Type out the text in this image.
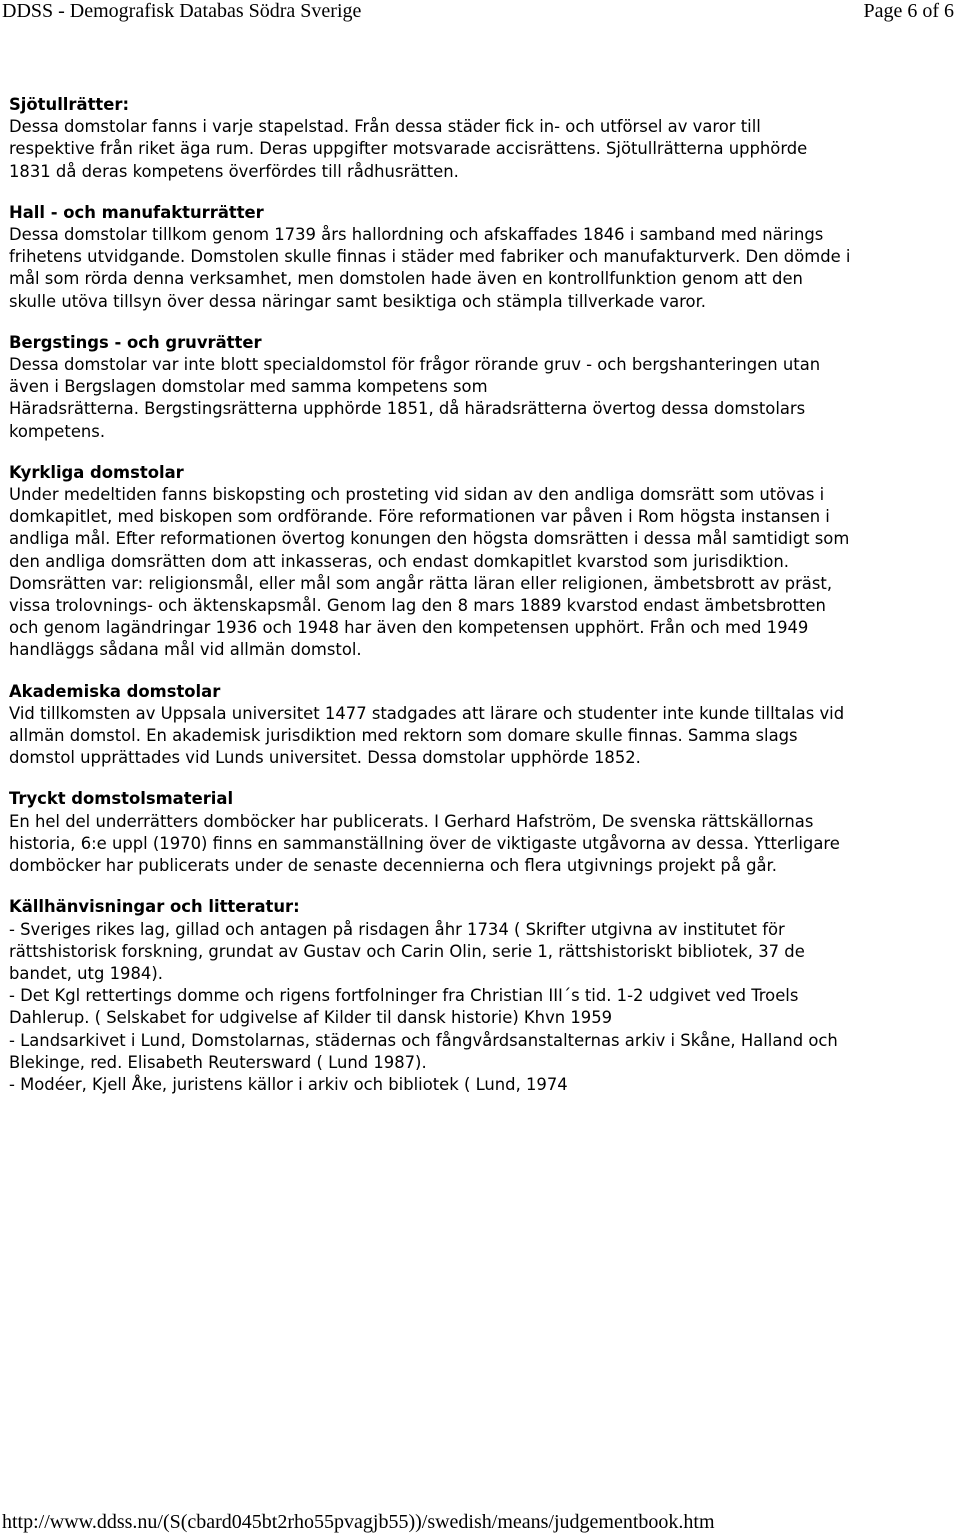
DDSS - Demografisk Databas Södra Sverige	Page 6 of 6
Sjötullrätter:
Dessa domstolar fanns i varje stapelstad. Från dessa städer fick in- och utförsel av varor till
respektive från riket äga rum. Deras uppgifter motsvarade accisrättens. Sjötullrätterna upphörde
1831 då deras kompetens överfördes till rådhusrätten.
Hall - och manufakturrätter
Dessa domstolar tillkom genom 1739 års hallordning och afskaffades 1846 i samband med närings
frihetens utvidgande. Domstolen skulle finnas i städer med fabriker och manufakturverk. Den dömde i
mål som rörda denna verksamhet, men domstolen hade även en kontrollfunktion genom att den
skulle utöva tillsyn över dessa näringar samt besiktiga och stämpla tillverkade varor.
Bergstings - och gruvrätter
Dessa domstolar var inte blott specialdomstol för frågor rörande gruv - och bergshanteringen utan
även i Bergslagen domstolar med samma kompetens som
Häradsrätterna. Bergstingsrätterna upphörde 1851, då häradsrätterna övertog dessa domstolars
kompetens.
Kyrkliga domstolar
Under medeltiden fanns biskopsting och prosteting vid sidan av den andliga domsrätt som utövas i
domkapitlet, med biskopen som ordförande. Före reformationen var påven i Rom högsta instansen i
andliga mål. Efter reformationen övertog konungen den högsta domsrätten i dessa mål samtidigt som
den andliga domsrätten dom att inkasseras, och endast domkapitlet kvarstod som jurisdiktion.
Domsrätten var: religionsmål, eller mål som angår rätta läran eller religionen, ämbetsbrott av präst,
vissa trolovnings- och äktenskapsmål. Genom lag den 8 mars 1889 kvarstod endast ämbetsbrotten
och genom lagändringar 1936 och 1948 har även den kompetensen upphört. Från och med 1949
handläggs sådana mål vid allmän domstol.
Akademiska domstolar
Vid tillkomsten av Uppsala universitet 1477 stadgades att lärare och studenter inte kunde tilltalas vid
allmän domstol. En akademisk jurisdiktion med rektorn som domare skulle finnas. Samma slags
domstol upprättades vid Lunds universitet. Dessa domstolar upphörde 1852.
Tryckt domstolsmaterial
En hel del underrätters domböcker har publicerats. I Gerhard Hafström, De svenska rättskällornas
historia, 6:e uppl (1970) finns en sammanställning över de viktigaste utgåvorna av dessa. Ytterligare
domböcker har publicerats under de senaste decennierna och flera utgivnings projekt på går.
Källhänvisningar och litteratur:
- Sveriges rikes lag, gillad och antagen på risdagen åhr 1734 ( Skrifter utgivna av institutet för
rättshistorisk forskning, grundat av Gustav och Carin Olin, serie 1, rättshistoriskt bibliotek, 37 de
bandet, utg 1984).
- Det Kgl rettertings domme och rigens fortfolninger fra Christian III´s tid. 1-2 udgivet ved Troels
Dahlerup. ( Selskabet for udgivelse af Kilder til dansk historie) Khvn 1959
- Landsarkivet i Lund, Domstolarnas, städernas och fångvårdsanstalternas arkiv i Skåne, Halland och
Blekinge, red. Elisabeth Reutersward ( Lund 1987).
- Modéer, Kjell Åke, juristens källor i arkiv och bibliotek ( Lund, 1974
http://www.ddss.nu/(S(cbard045bt2rho55pvagjb55))/swedish/means/judgementbook.htm
